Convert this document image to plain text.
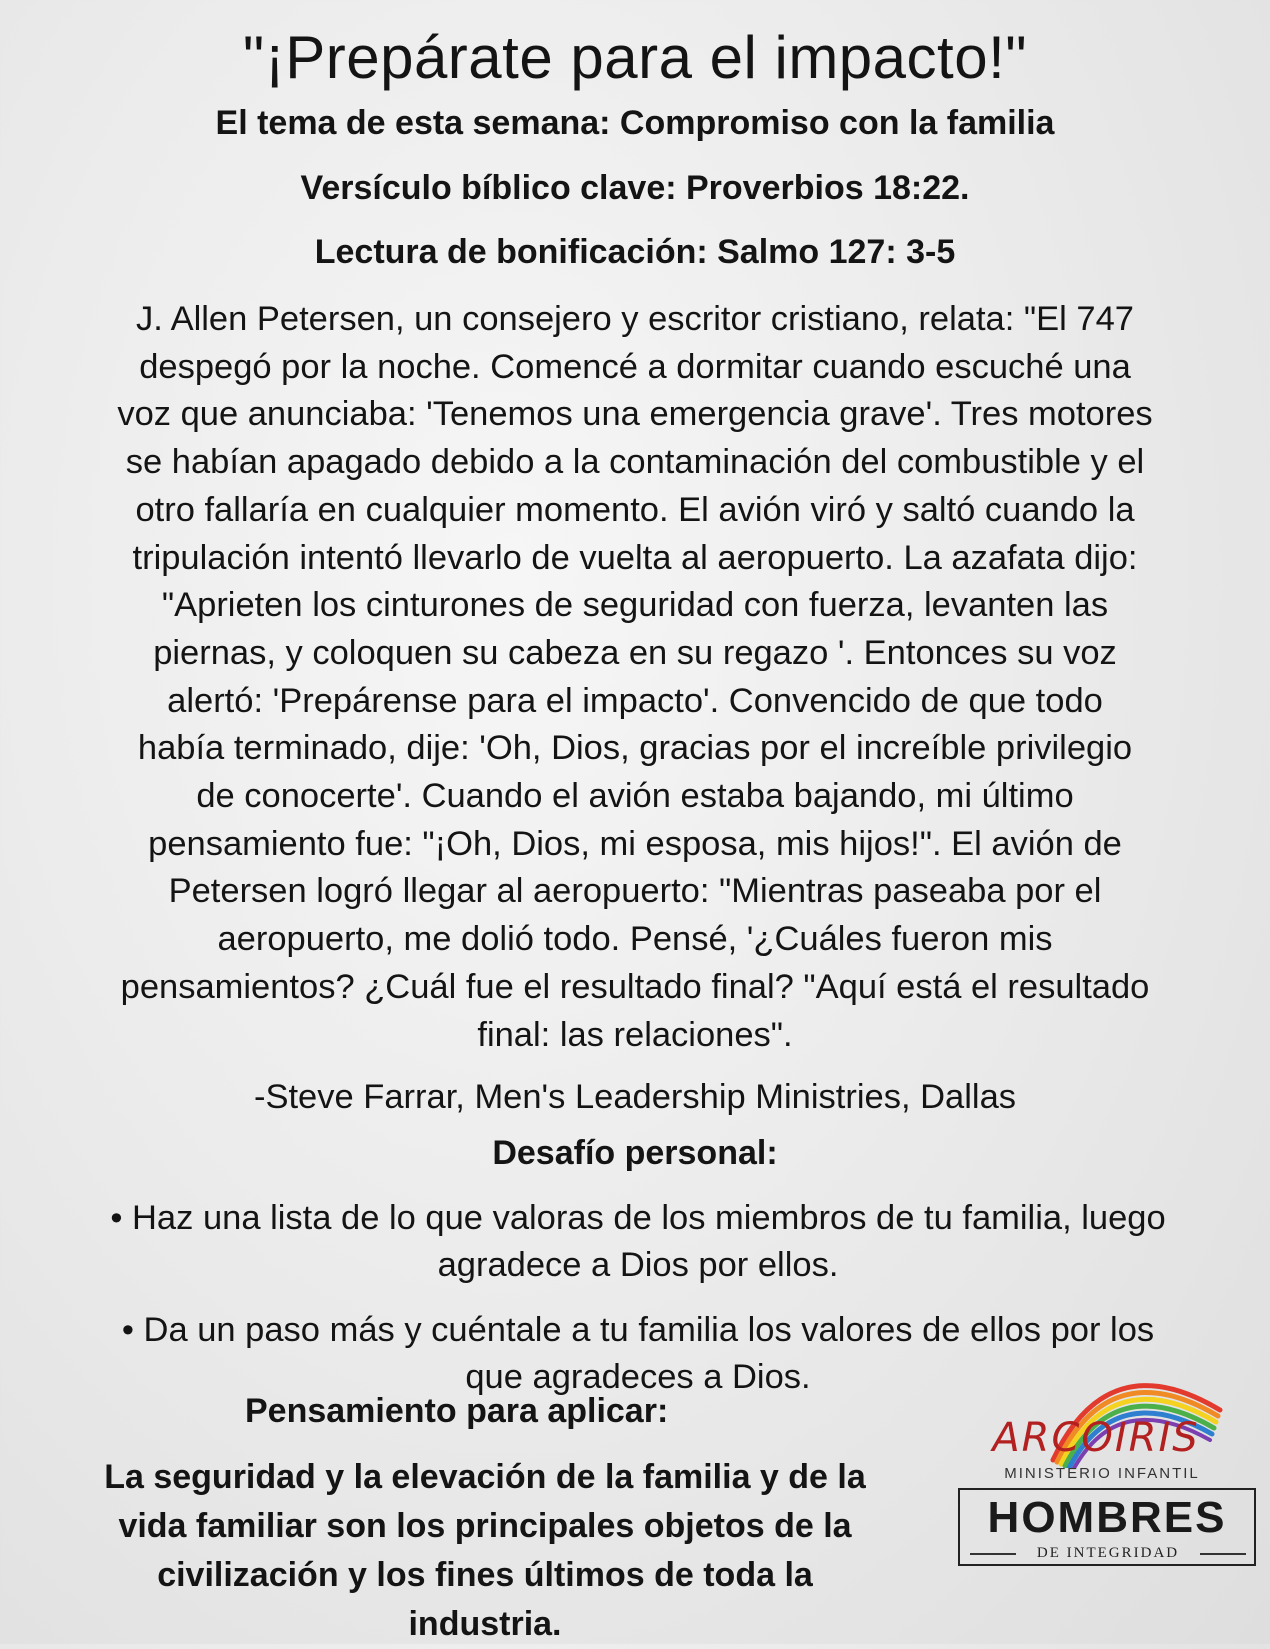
"¡Prepárate para el impacto!"

El tema de esta semana: Compromiso con la familia

Versículo bíblico clave: Proverbios 18:22.

Lectura de bonificación: Salmo 127: 3-5

J. Allen Petersen, un consejero y escritor cristiano, relata: "El 747
despegó por la noche. Comencé a dormitar cuando escuché una
voz que anunciaba: 'Tenemos una emergencia grave'. Tres motores
se habían apagado debido a la contaminación del combustible y el
otro fallaría en cualquier momento. El avión viró y saltó cuando la
tripulación intentó llevarlo de vuelta al aeropuerto. La azafata dijo:
"Aprieten los cinturones de seguridad con fuerza, levanten las
piernas, y coloquen su cabeza en su regazo '. Entonces su voz
alertó: 'Prepárense para el impacto'. Convencido de que todo
había terminado, dije: 'Oh, Dios, gracias por el increíble privilegio
de conocerte'. Cuando el avión estaba bajando, mi último
pensamiento fue: "¡Oh, Dios, mi esposa, mis hijos!". El avión de
Petersen logró llegar al aeropuerto: "Mientras paseaba por el
aeropuerto, me dolió todo. Pensé, '¿Cuáles fueron mis
pensamientos? ¿Cuál fue el resultado final? "Aquí está el resultado
final: las relaciones".

-Steve Farrar, Men's Leadership Ministries, Dallas

Desafío personal:

• Haz una lista de lo que valoras de los miembros de tu familia, luego
agradece a Dios por ellos.
• Da un paso más y cuéntale a tu familia los valores de ellos por los
que agradeces a Dios.

Pensamiento para aplicar:

La seguridad y la elevación de la familia y de la
vida familiar son los principales objetos de la
civilización y los fines últimos de toda la
industria.
ARCOIRIS
MINISTERIO INFANTIL
HOMBRES
DE INTEGRIDAD
